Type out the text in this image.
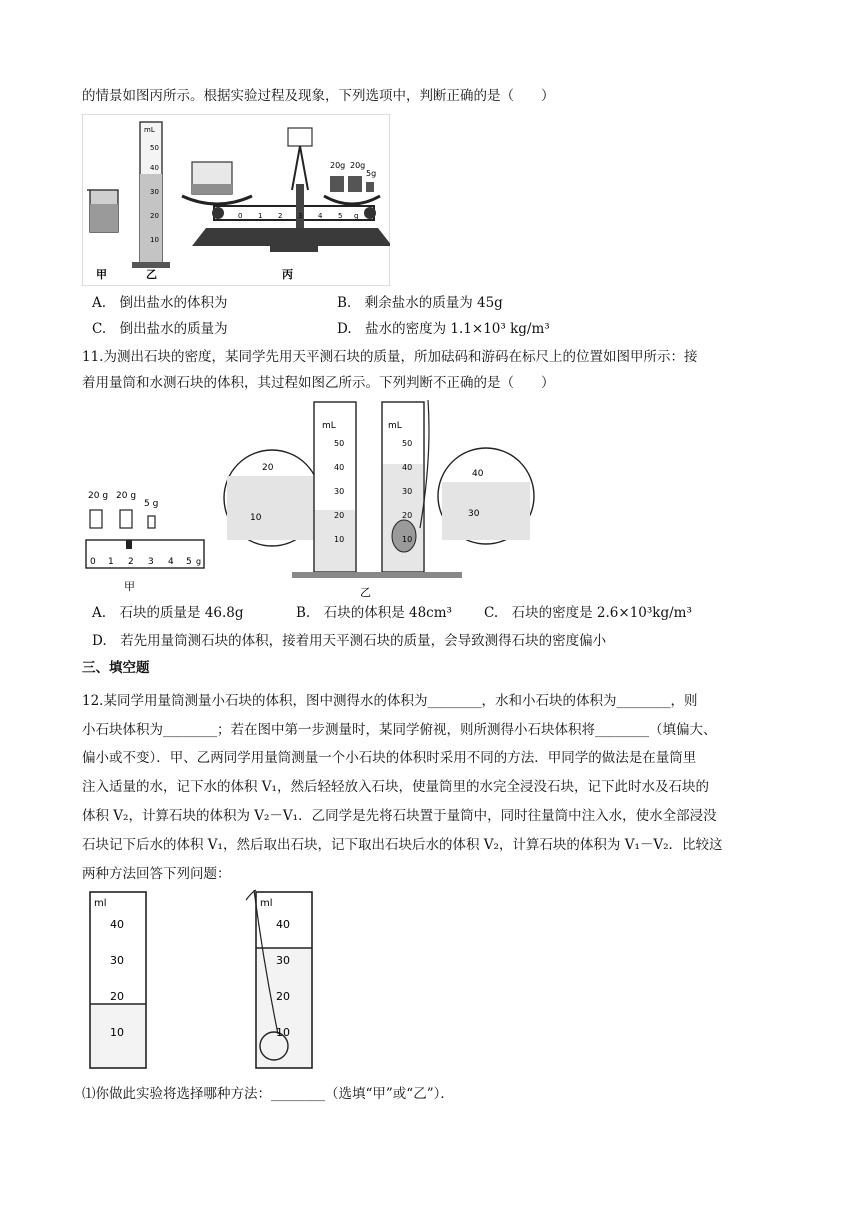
的情景如图丙所示。根据实验过程及现象，下列选项中，判断正确的是（　　）
mL
50
40
30
20
10
20g 20g
5g
1 2 3 4 5 g
0
甲	乙	丙
A.　倒出盐水的体积为	B.　剩余盐水的质量为 45g
C.　倒出盐水的质量为	D.　盐水的密度为 1.1×10³ kg/m³
11.为测出石块的密度，某同学先用天平测石块的质量，所加砝码和游码在标尺上的位置如图甲所示：接
着用量筒和水测石块的体积，其过程如图乙所示。下列判断不正确的是（　　）
20 g 20 g
5 g
0 1 2 3 4 5 g
甲
20
10
mL
50
40
30
20
10
mL
50
40
30
20
10
40
30
乙
A.　石块的质量是 46.8g	B.　石块的体积是 48cm³ C.　石块的密度是 2.6×10³kg/m³
D.　若先用量筒测石块的体积，接着用天平测石块的质量，会导致测得石块的密度偏小
三、填空题
12.某同学用量筒测量小石块的体积，图中测得水的体积为________，水和小石块的体积为________，则
小石块体积为________；若在图中第一步测量时，某同学俯视，则所测得小石块体积将________（填偏大、
偏小或不变）．甲、乙两同学用量筒测量一个小石块的体积时采用不同的方法．甲同学的做法是在量筒里
注入适量的水，记下水的体积 V₁，然后轻轻放入石块，使量筒里的水完全浸没石块，记下此时水及石块的
体积 V₂，计算石块的体积为 V₂－V₁．乙同学是先将石块置于量筒中，同时往量筒中注入水，使水全部浸没
石块记下后水的体积 V₁，然后取出石块，记下取出石块后水的体积 V₂，计算石块的体积为 V₁－V₂．比较这
两种方法回答下列问题：
ml
40
30
20
10
ml
40
30
20
10
⑴你做此实验将选择哪种方法：________（选填“甲”或“乙”）．
